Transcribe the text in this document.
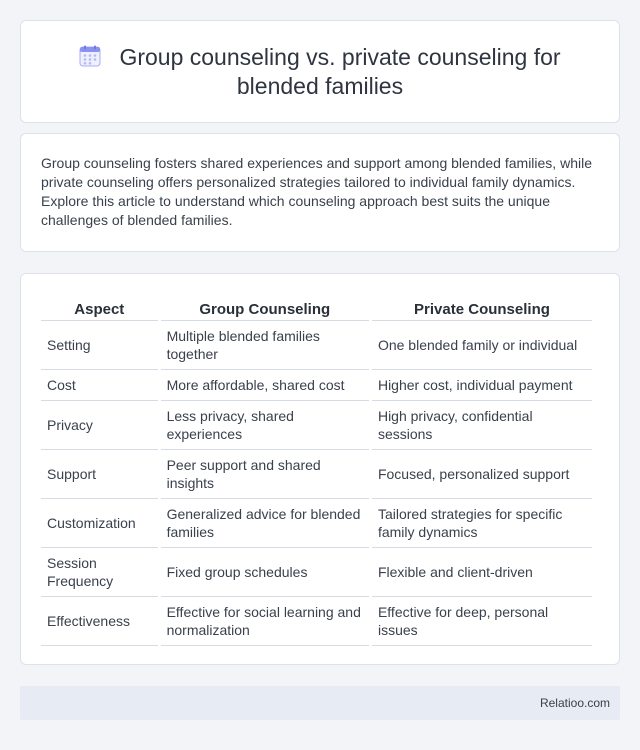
Group counseling vs. private counseling for blended families

Group counseling fosters shared experiences and support among blended families, while private counseling offers personalized strategies tailored to individual family dynamics. Explore this article to understand which counseling approach best suits the unique challenges of blended families.

Aspect	Group Counseling	Private Counseling
Setting	Multiple blended families together	One blended family or individual
Cost	More affordable, shared cost	Higher cost, individual payment
Privacy	Less privacy, shared experiences	High privacy, confidential sessions
Support	Peer support and shared insights	Focused, personalized support
Customization	Generalized advice for blended families	Tailored strategies for specific family dynamics
Session Frequency	Fixed group schedules	Flexible and client-driven
Effectiveness	Effective for social learning and normalization	Effective for deep, personal issues
Relatioo.com
